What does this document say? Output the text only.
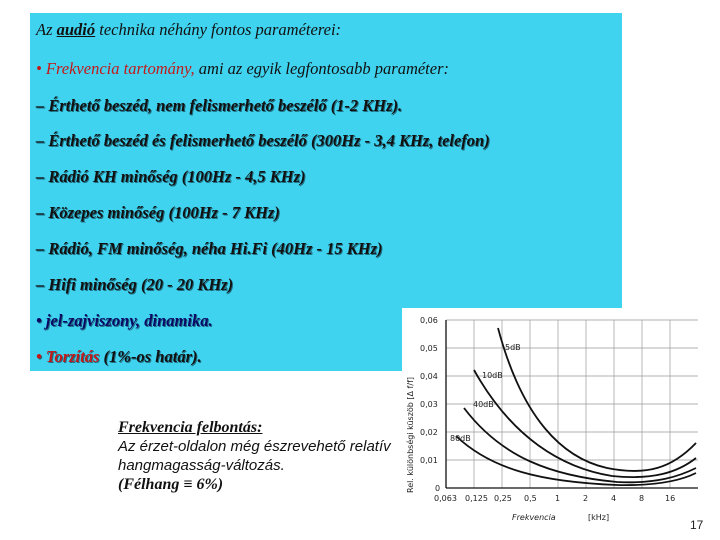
Az audió technika néhány fontos paraméterei:
• Frekvencia tartomány, ami az egyik legfontosabb paraméter:
– Érthető beszéd, nem felismerhető beszélő (1-2 KHz).
– Érthető beszéd és felismerhető beszélő (300Hz - 3,4 KHz, telefon)
– Rádió KH minőség (100Hz - 4,5 KHz)
– Közepes minőség (100Hz - 7 KHz)
– Rádió, FM minőség, néha Hi.Fi (40Hz - 15 KHz)
– Hifi minőség (20 - 20 KHz)
• jel-zajviszony, dinamika.
• Torzítás (1%-os határ).
Rel. különbségi küszöb [Δ f/f]
0,06
0,05
0,04
0,03
0,02
0,01
0
0,063 0,125 0,25 0,5 1	2	4	8	16
Frekvencia	[kHz]
5dB
10dB
40dB
80dB
Frekvencia felbontás:
Az érzet-oldalon még észrevehető relatív hangmagasság-változás.
(Félhang ≡ 6%)
17
